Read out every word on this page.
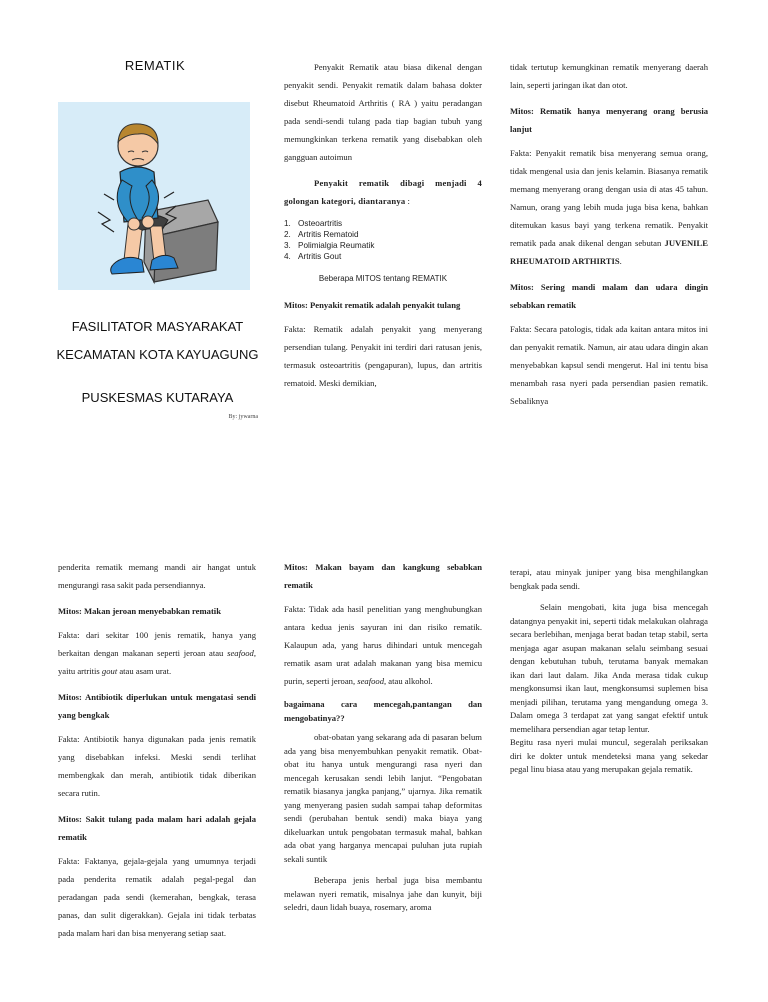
REMATIK
FASILITATOR MASYARAKAT
KECAMATAN KOTA KAYUAGUNG
PUSKESMAS KUTARAYA
By: jywarna

Penyakit Rematik atau biasa dikenal dengan penyakit sendi. Penyakit rematik dalam bahasa dokter disebut Rheumatoid Arthritis ( RA ) yaitu peradangan pada sendi-sendi tulang pada tiap bagian tubuh yang memungkinkan terkena rematik yang disebabkan oleh gangguan autoimun

Penyakit rematik dibagi menjadi 4 golongan kategori, diantaranya :

1. Osteoartritis
2. Artritis Rematoid
3. Polimialgia Reumatik
4. Artritis Gout

Beberapa MITOS tentang REMATIK

Mitos: Penyakit rematik adalah penyakit tulang

Fakta: Rematik adalah penyakit yang menyerang persendian tulang. Penyakit ini terdiri dari ratusan jenis, termasuk osteoartritis (pengapuran), lupus, dan artritis rematoid. Meski demikian,

tidak tertutup kemungkinan rematik menyerang daerah lain, seperti jaringan ikat dan otot.

Mitos: Rematik hanya menyerang orang berusia lanjut

Fakta: Penyakit rematik bisa menyerang semua orang, tidak mengenal usia dan jenis kelamin. Biasanya rematik memang menyerang orang dengan usia di atas 45 tahun. Namun, orang yang lebih muda juga bisa kena, bahkan ditemukan kasus bayi yang terkena rematik. Penyakit rematik pada anak dikenal dengan sebutan JUVENILE RHEUMATOID ARTHIRTIS.

Mitos: Sering mandi malam dan udara dingin sebabkan rematik

Fakta: Secara patologis, tidak ada kaitan antara mitos ini dan penyakit rematik. Namun, air atau udara dingin akan menyebabkan kapsul sendi mengerut. Hal ini tentu bisa menambah rasa nyeri pada persendian pasien rematik. Sebaliknya

penderita rematik memang mandi air hangat untuk mengurangi rasa sakit pada persendiannya.

Mitos: Makan jeroan menyebabkan rematik

Fakta: dari sekitar 100 jenis rematik, hanya yang berkaitan dengan makanan seperti jeroan atau seafood, yaitu artritis gout atau asam urat.

Mitos: Antibiotik diperlukan untuk mengatasi sendi yang bengkak

Fakta: Antibiotik hanya digunakan pada jenis rematik yang disebabkan infeksi. Meski sendi terlihat membengkak dan merah, antibiotik tidak diberikan secara rutin.

Mitos: Sakit tulang pada malam hari adalah gejala rematik

Fakta: Faktanya, gejala-gejala yang umumnya terjadi pada penderita rematik adalah pegal-pegal dan peradangan pada sendi (kemerahan, bengkak, terasa panas, dan sulit digerakkan). Gejala ini tidak terbatas pada malam hari dan bisa menyerang setiap saat.

Mitos: Makan bayam dan kangkung sebabkan rematik

Fakta: Tidak ada hasil penelitian yang menghubungkan antara kedua jenis sayuran ini dan risiko rematik. Kalaupun ada, yang harus dihindari untuk mencegah rematik asam urat adalah makanan yang bisa memicu purin, seperti jeroan, seafood, atau alkohol.

bagaimana cara mencegah,pantangan dan mengobatinya??

obat-obatan yang sekarang ada di pasaran belum ada yang bisa menyembuhkan penyakit rematik. Obat-obat itu hanya untuk mengurangi rasa nyeri dan mencegah kerusakan sendi lebih lanjut. “Pengobatan rematik biasanya jangka panjang,” ujarnya. Jika rematik yang menyerang pasien sudah sampai tahap deformitas sendi (perubahan bentuk sendi) maka biaya yang dikeluarkan untuk pengobatan termasuk mahal, bahkan ada obat yang harganya mencapai puluhan juta rupiah sekali suntik

Beberapa jenis herbal juga bisa membantu melawan nyeri rematik, misalnya jahe dan kunyit, biji seledri, daun lidah buaya, rosemary, aroma

terapi, atau minyak juniper yang bisa menghilangkan bengkak pada sendi.

Selain mengobati, kita juga bisa mencegah datangnya penyakit ini, seperti tidak melakukan olahraga secara berlebihan, menjaga berat badan tetap stabil, serta menjaga agar asupan makanan selalu seimbang sesuai dengan kebutuhan tubuh, terutama banyak memakan ikan dari laut dalam. Jika Anda merasa tidak cukup mengkonsumsi ikan laut, mengkonsumsi suplemen bisa menjadi pilihan, terutama yang mengandung omega 3. Dalam omega 3 terdapat zat yang sangat efektif untuk memelihara persendian agar tetap lentur.

Begitu rasa nyeri mulai muncul, segeralah periksakan diri ke dokter untuk mendeteksi mana yang sekedar pegal linu biasa atau yang merupakan gejala rematik.
